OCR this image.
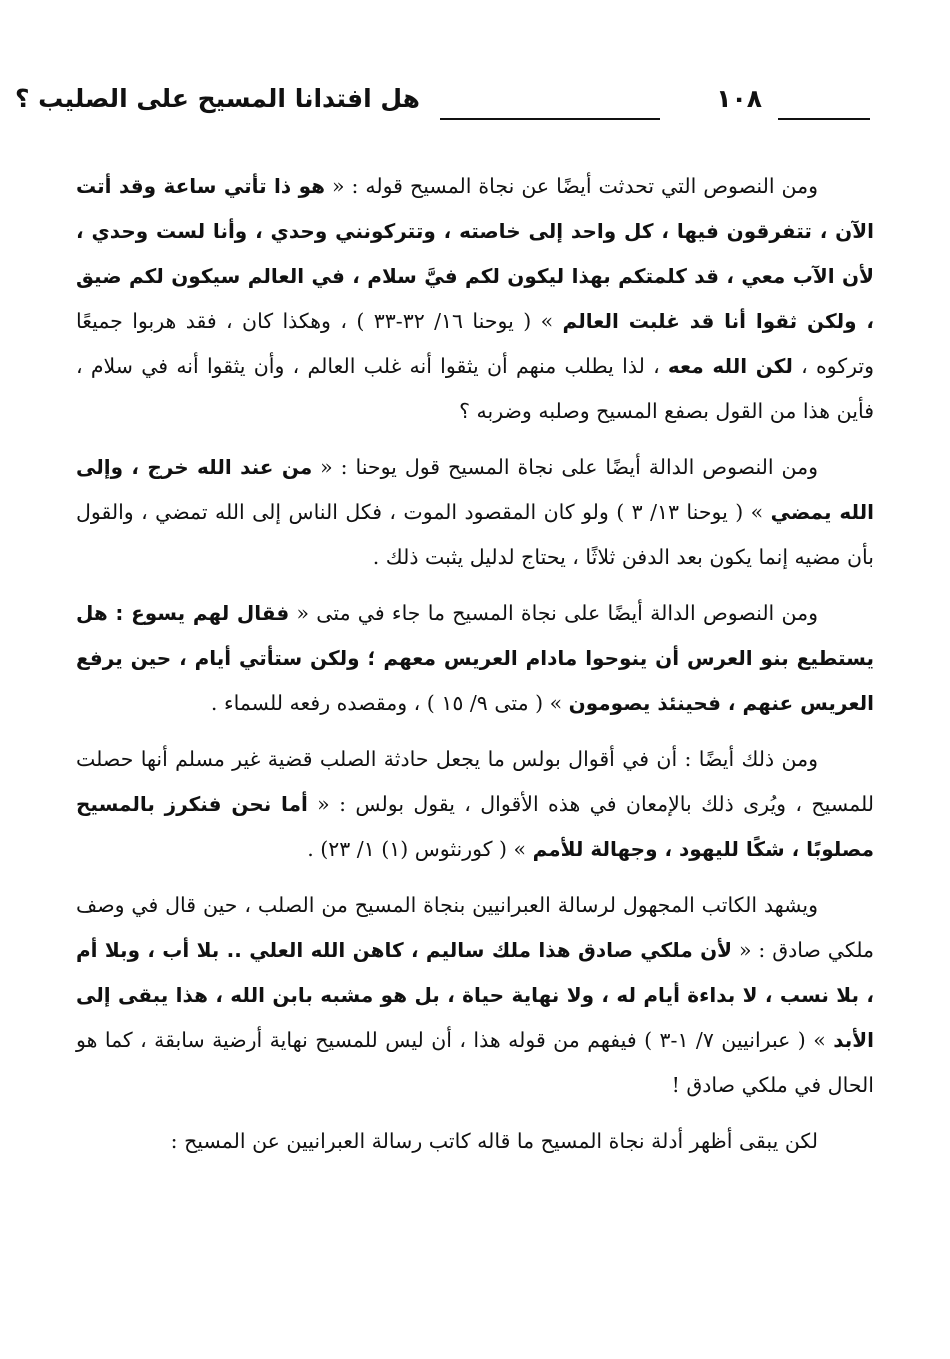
هل افتدانا المسيح على الصليب ؟	١٠٨

ومن النصوص التي تحدثت أيضًا عن نجاة المسيح قوله : « هو ذا تأتي ساعة وقد أتت الآن ، تتفرقون فيها ، كل واحد إلى خاصته ، وتتركونني وحدي ، وأنا لست وحدي ، لأن الآب معي ، قد كلمتكم بهذا ليكون لكم فيَّ سلام ، في العالم سيكون لكم ضيق ، ولكن ثقوا أنا قد غلبت العالم » ( يوحنا ١٦/ ٣٢-٣٣ ) ، وهكذا كان ، فقد هربوا جميعًا وتركوه ، لكن الله معه ، لذا يطلب منهم أن يثقوا أنه غلب العالم ، وأن يثقوا أنه في سلام ، فأين هذا من القول بصفع المسيح وصلبه وضربه ؟

ومن النصوص الدالة أيضًا على نجاة المسيح قول يوحنا : « من عند الله خرج ، وإلى الله يمضي » ( يوحنا ١٣/ ٣ ) ولو كان المقصود الموت ، فكل الناس إلى الله تمضي ، والقول بأن مضيه إنما يكون بعد الدفن ثلاثًا ، يحتاج لدليل يثبت ذلك .

ومن النصوص الدالة أيضًا على نجاة المسيح ما جاء في متى « فقال لهم يسوع : هل يستطيع بنو العرس أن ينوحوا مادام العريس معهم ؛ ولكن ستأتي أيام ، حين يرفع العريس عنهم ، فحينئذ يصومون » ( متى ٩/ ١٥ ) ، ومقصده رفعه للسماء .

ومن ذلك أيضًا : أن في أقوال بولس ما يجعل حادثة الصلب قضية غير مسلم أنها حصلت للمسيح ، ويُرى ذلك بالإمعان في هذه الأقوال ، يقول بولس : « أما نحن فنكرز بالمسيح مصلوبًا ، شكًا لليهود ، وجهالة للأمم » ( كورنثوس (١) ١/ ٢٣) .

ويشهد الكاتب المجهول لرسالة العبرانيين بنجاة المسيح من الصلب ، حين قال في وصف ملكي صادق : « لأن ملكي صادق هذا ملك ساليم ، كاهن الله العلي .. بلا أب ، وبلا أم ، بلا نسب ، لا بداءة أيام له ، ولا نهاية حياة ، بل هو مشبه بابن الله ، هذا يبقى إلى الأبد » ( عبرانيين ٧/ ١-٣ ) فيفهم من قوله هذا ، أن ليس للمسيح نهاية أرضية سابقة ، كما هو الحال في ملكي صادق !

لكن يبقى أظهر أدلة نجاة المسيح ما قاله كاتب رسالة العبرانيين عن المسيح :
